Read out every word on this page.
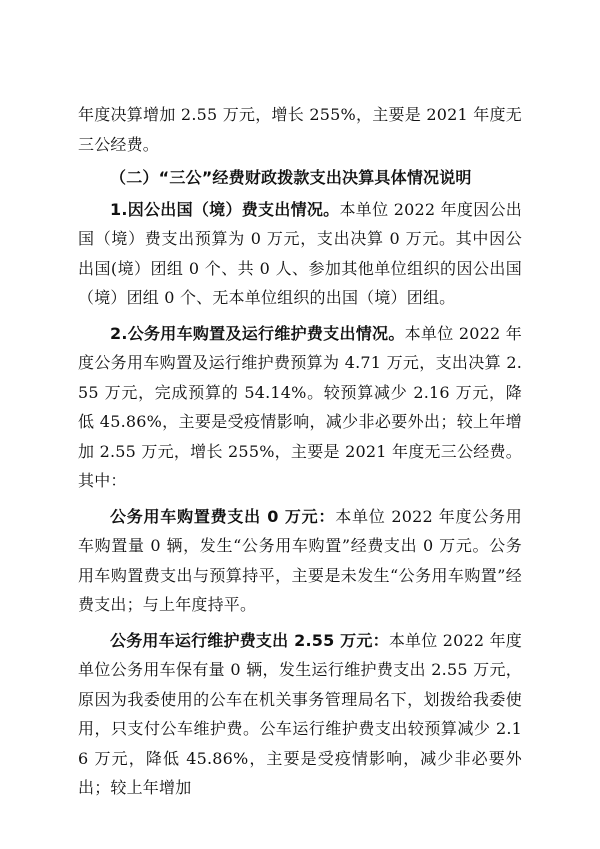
年度决算增加 2.55 万元，增长 255%，主要是 2021 年度无三公经费。

（二）“三公”经费财政拨款支出决算具体情况说明

1.因公出国（境）费支出情况。本单位 2022 年度因公出国（境）费支出预算为 0 万元，支出决算 0 万元。其中因公出国(境）团组 0 个、共 0 人、参加其他单位组织的因公出国（境）团组 0 个、无本单位组织的出国（境）团组。

2.公务用车购置及运行维护费支出情况。本单位 2022 年度公务用车购置及运行维护费预算为 4.71 万元，支出决算 2.55 万元，完成预算的 54.14%。较预算减少 2.16 万元，降低 45.86%，主要是受疫情影响，减少非必要外出；较上年增加 2.55 万元，增长 255%，主要是 2021 年度无三公经费。其中：

公务用车购置费支出 0 万元：本单位 2022 年度公务用车购置量 0 辆，发生“公务用车购置”经费支出 0 万元。公务用车购置费支出与预算持平，主要是未发生“公务用车购置”经费支出；与上年度持平。

公务用车运行维护费支出 2.55 万元：本单位 2022 年度单位公务用车保有量 0 辆，发生运行维护费支出 2.55 万元，原因为我委使用的公车在机关事务管理局名下，划拨给我委使用，只支付公车维护费。公车运行维护费支出较预算减少 2.16 万元，降低 45.86%，主要是受疫情影响，减少非必要外出；较上年增加
